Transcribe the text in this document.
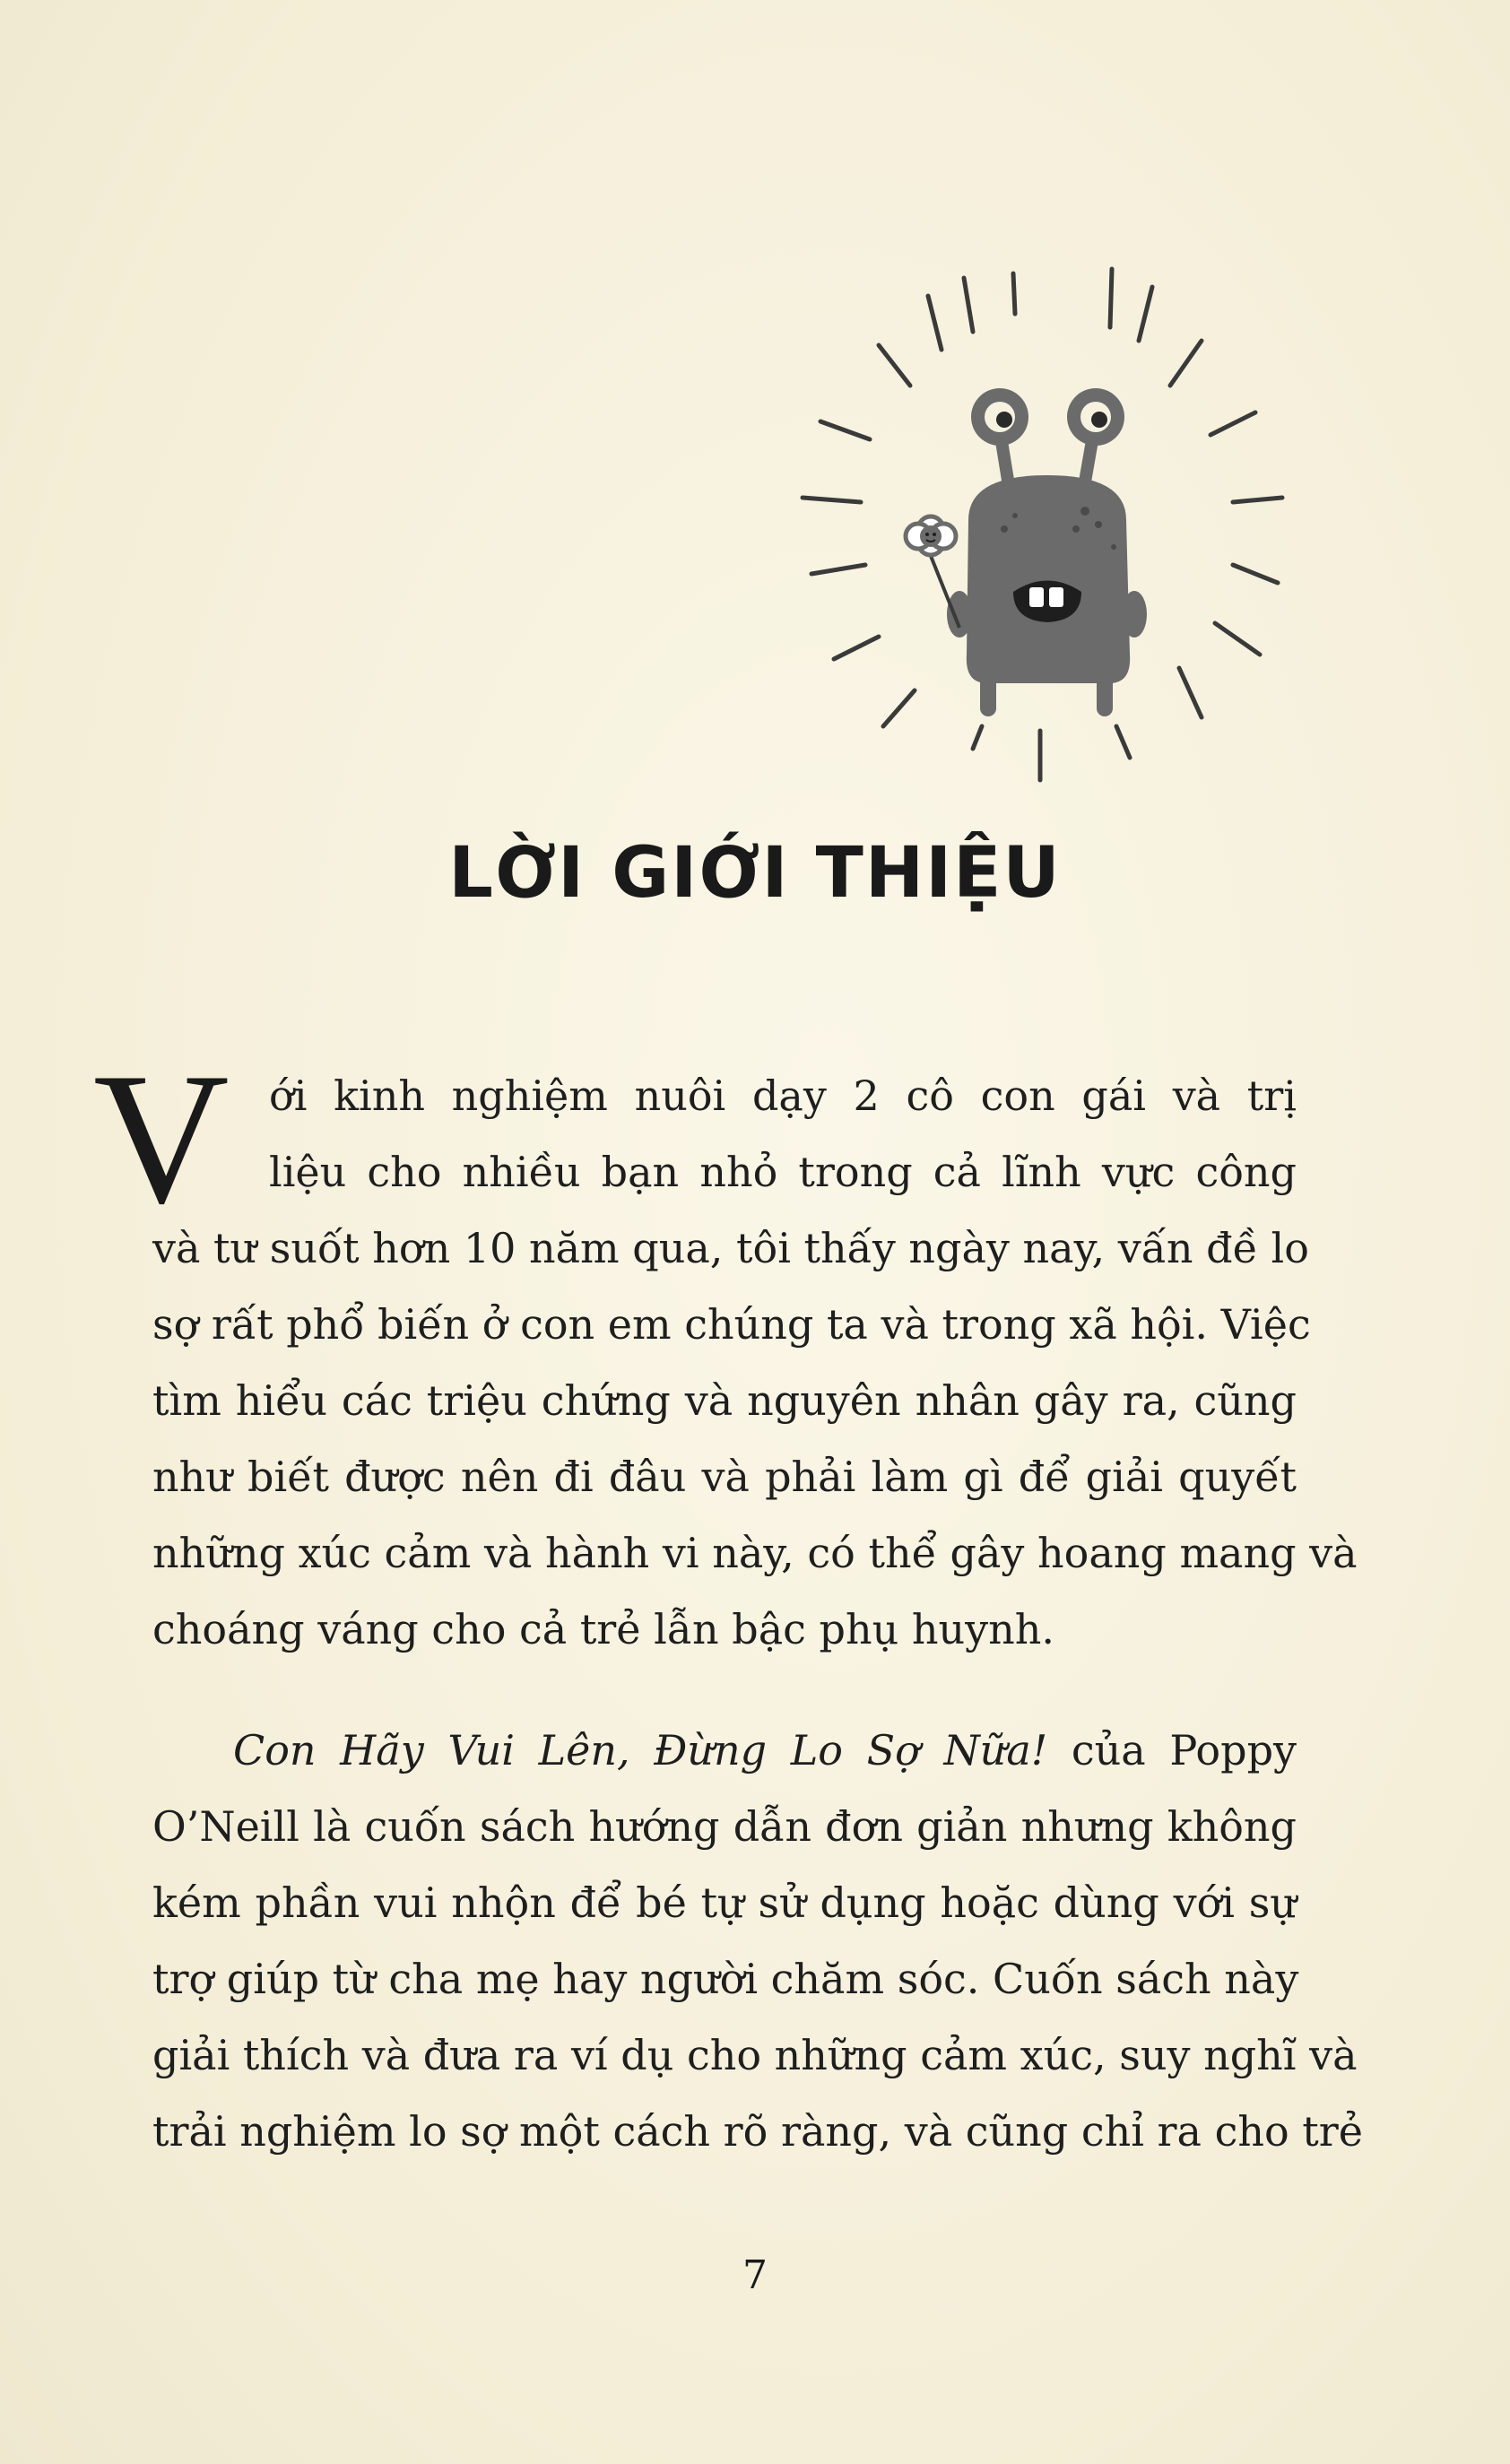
LỜI GIỚI THIỆU
V ới kinh nghiệm nuôi dạy 2 cô con gái và trị
liệu cho nhiều bạn nhỏ trong cả lĩnh vực công
và tư suốt hơn 10 năm qua, tôi thấy ngày nay, vấn đề lo
sợ rất phổ biến ở con em chúng ta và trong xã hội. Việc
tìm hiểu các triệu chứng và nguyên nhân gây ra, cũng
như biết được nên đi đâu và phải làm gì để giải quyết
những xúc cảm và hành vi này, có thể gây hoang mang và
choáng váng cho cả trẻ lẫn bậc phụ huynh.
Con Hãy Vui Lên, Đừng Lo Sợ Nữa! của Poppy
O’Neill là cuốn sách hướng dẫn đơn giản nhưng không
kém phần vui nhộn để bé tự sử dụng hoặc dùng với sự
trợ giúp từ cha mẹ hay người chăm sóc. Cuốn sách này
giải thích và đưa ra ví dụ cho những cảm xúc, suy nghĩ và
trải nghiệm lo sợ một cách rõ ràng, và cũng chỉ ra cho trẻ
7
